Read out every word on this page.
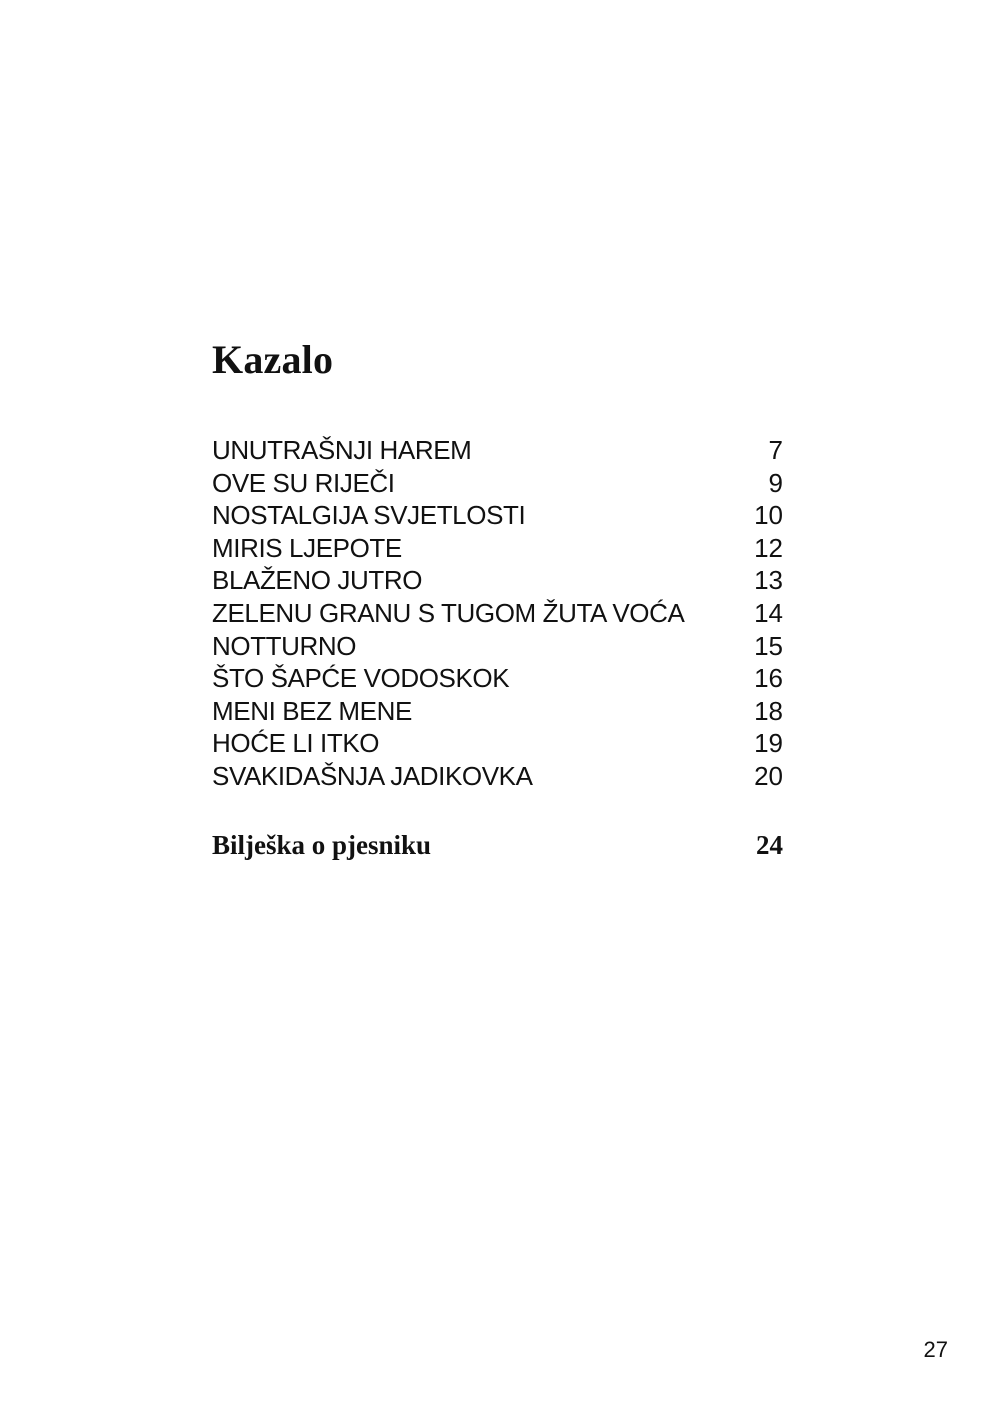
Kazalo
UNUTRAŠNJI HAREM	7
OVE SU RIJEČI	9
NOSTALGIJA SVJETLOSTI	10
MIRIS LJEPOTE	12
BLAŽENO JUTRO	13
ZELENU GRANU S TUGOM ŽUTA VOĆA	14
NOTTURNO	15
ŠTO ŠAPĆE VODOSKOK	16
MENI BEZ MENE	18
HOĆE LI ITKO	19
SVAKIDAŠNJA JADIKOVKA	20
Bilješka o pjesniku	24
27
